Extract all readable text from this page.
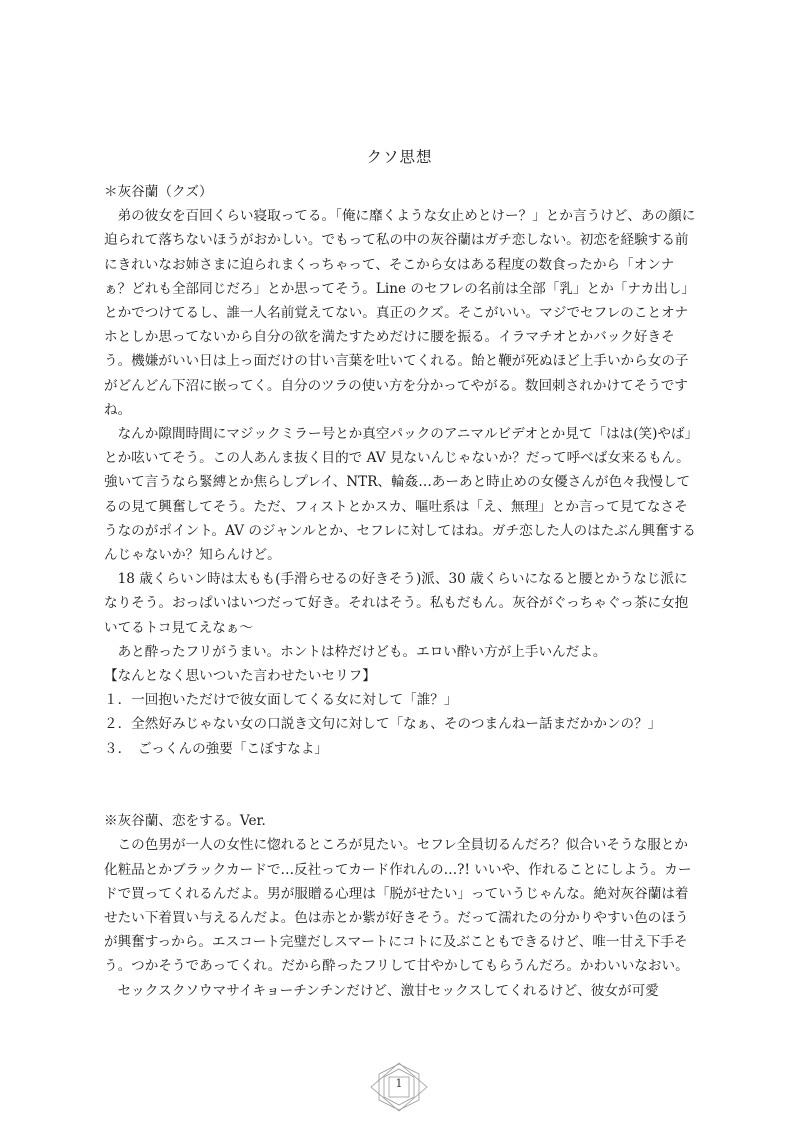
クソ思想

＊灰谷蘭（クズ）

　弟の彼女を百回くらい寝取ってる。「俺に靡くような女止めとけー？」とか言うけど、あの顔に迫られて落ちないほうがおかしい。でもって私の中の灰谷蘭はガチ恋しない。初恋を経験する前にきれいなお姉さまに迫られまくっちゃって、そこから女はある程度の数食ったから「オンナぁ？どれも全部同じだろ」とか思ってそう。Line のセフレの名前は全部「乳」とか「ナカ出し」とかでつけてるし、誰一人名前覚えてない。真正のクズ。そこがいい。マジでセフレのことオナホとしか思ってないから自分の欲を満たすためだけに腰を振る。イラマチオとかバック好きそう。機嫌がいい日は上っ面だけの甘い言葉を吐いてくれる。飴と鞭が死ぬほど上手いから女の子がどんどん下沼に嵌ってく。自分のツラの使い方を分かってやがる。数回刺されかけてそうですね。

　なんか隙間時間にマジックミラー号とか真空パックのアニマルビデオとか見て「はは(笑)やば」とか呟いてそう。この人あんま抜く目的で AV 見ないんじゃないか？だって呼べば女来るもん。強いて言うなら緊縛とか焦らしプレイ、NTR、輪姦…あーあと時止めの女優さんが色々我慢してるの見て興奮してそう。ただ、フィストとかスカ、嘔吐系は「え、無理」とか言って見てなさそうなのがポイント。AV のジャンルとか、セフレに対してはね。ガチ恋した人のはたぶん興奮するんじゃないか？知らんけど。

　18 歳くらいン時は太もも(手滑らせるの好きそう)派、30 歳くらいになると腰とかうなじ派になりそう。おっぱいはいつだって好き。それはそう。私もだもん。灰谷がぐっちゃぐっ茶に女抱いてるトコ見てえなぁ～

　あと酔ったフリがうまい。ホントは枠だけども。エロい酔い方が上手いんだよ。

【なんとなく思いついた言わせたいセリフ】

１．一回抱いただけで彼女面してくる女に対して「誰？」

２．全然好みじゃない女の口説き文句に対して「なぁ、そのつまんねー話まだかかンの？」

３．　ごっくんの強要「こぼすなよ」

※灰谷蘭、恋をする。Ver.

　この色男が一人の女性に惚れるところが見たい。セフレ全員切るんだろ？似合いそうな服とか化粧品とかブラックカードで…反社ってカード作れんの…?! いいや、作れることにしよう。カードで買ってくれるんだよ。男が服贈る心理は「脱がせたい」っていうじゃんな。絶対灰谷蘭は着せたい下着買い与えるんだよ。色は赤とか紫が好きそう。だって濡れたの分かりやすい色のほうが興奮すっから。エスコート完璧だしスマートにコトに及ぶこともできるけど、唯一甘え下手そう。つかそうであってくれ。だから酔ったフリして甘やかしてもらうんだろ。かわいいなおい。

　セックスクソウマサイキョーチンチンだけど、激甘セックスしてくれるけど、彼女が可愛

1
